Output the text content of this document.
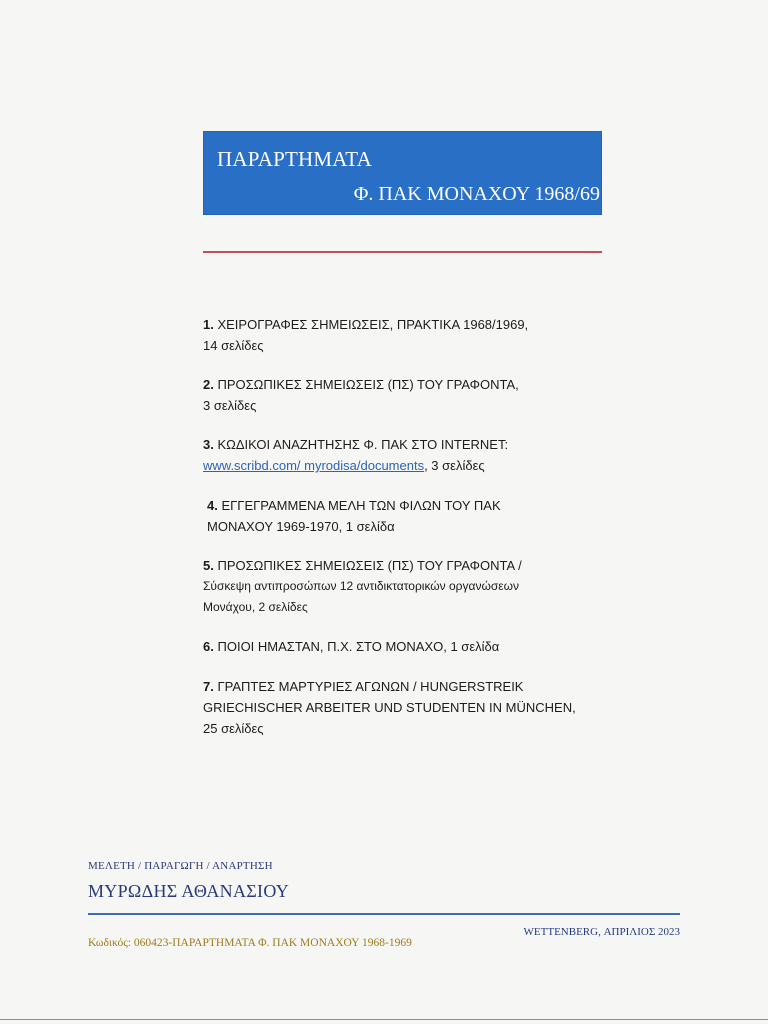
ΠΑΡΑΡΤΗΜΑΤΑ
Φ. ΠΑΚ ΜΟΝΑΧΟΥ 1968/69
1. ΧΕΙΡΟΓΡΑΦΕΣ ΣΗΜΕΙΩΣΕΙΣ, ΠΡΑΚΤΙΚΑ 1968/1969,
14 σελίδες
2. ΠΡΟΣΩΠΙΚΕΣ ΣΗΜΕΙΩΣΕΙΣ (ΠΣ) ΤΟΥ ΓΡΑΦΟΝΤΑ,
3 σελίδες
3. ΚΩΔΙΚΟΙ ΑΝΑΖΗΤΗΣΗΣ Φ. ΠΑΚ ΣΤΟ INTERNET:
www.scribd.com/ myrodisa/documents, 3 σελίδες
4. ΕΓΓΕΓΡΑΜΜΕΝΑ ΜΕΛΗ ΤΩΝ ΦΙΛΩΝ ΤΟΥ ΠΑΚ
ΜΟΝΑΧΟΥ 1969-1970, 1 σελίδα
5. ΠΡΟΣΩΠΙΚΕΣ ΣΗΜΕΙΩΣΕΙΣ (ΠΣ) ΤΟΥ ΓΡΑΦΟΝΤΑ /
Σύσκεψη αντιπροσώπων 12 αντιδικτατορικών οργανώσεων
Μονάχου, 2 σελίδες
6. ΠΟΙΟΙ ΗΜΑΣΤΑΝ, Π.Χ. ΣΤΟ ΜΟΝΑΧΟ, 1 σελίδα
7. ΓΡΑΠΤΕΣ ΜΑΡΤΥΡΙΕΣ ΑΓΩΝΩΝ / HUNGERSTREIK
GRIECHISCHER ARBEITER UND STUDENTEN IN MÜNCHEN,
25 σελίδες
ΜΕΛΕΤΗ / ΠΑΡΑΓΩΓΗ / ΑΝΑΡΤΗΣΗ
ΜΥΡΩΔΗΣ ΑΘΑΝΑΣΙΟΥ
WETTENBERG, ΑΠΡΙΛΙΟΣ 2023
Κωδικός: 060423-ΠΑΡΑΡΤΗΜΑΤΑ Φ. ΠΑΚ ΜΟΝΑΧΟΥ 1968-1969
